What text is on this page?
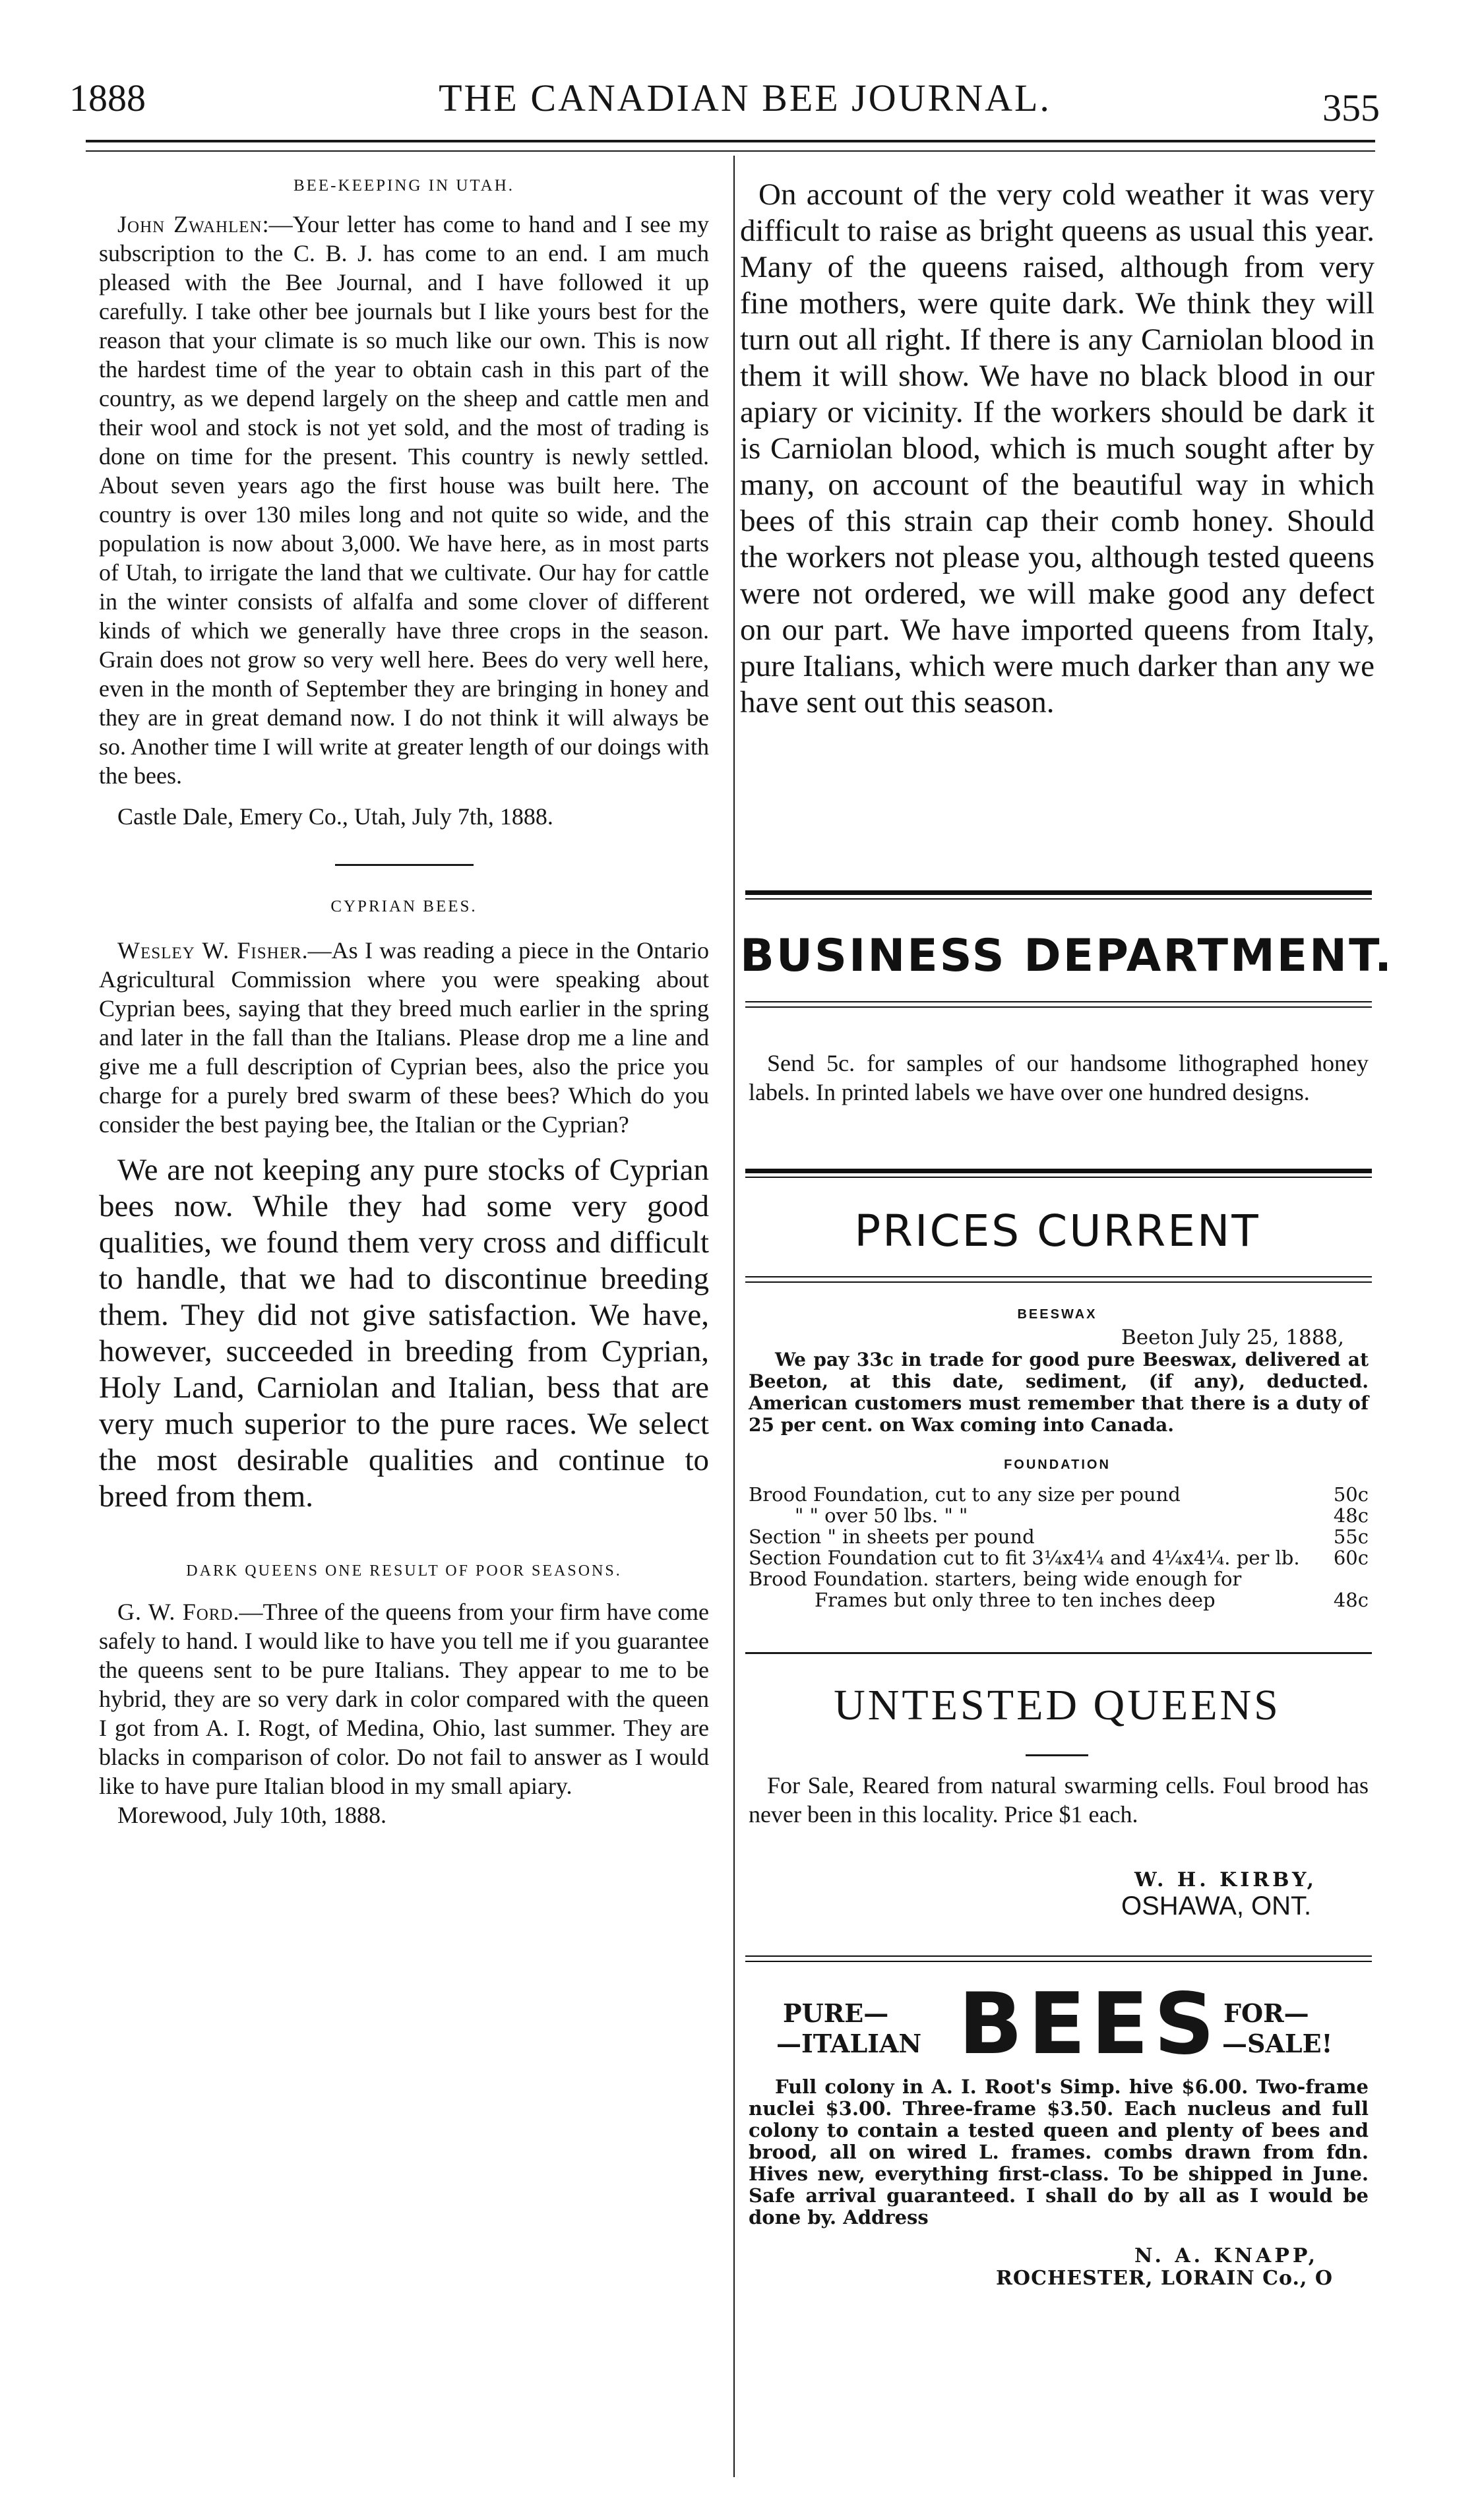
1888	THE CANADIAN BEE JOURNAL.	355
BEE-KEEPING IN UTAH.

John Zwahlen:—Your letter has come to hand and I see my subscription to the C. B. J. has come to an end. I am much pleased with the Bee Journal, and I have followed it up carefully. I take other bee journals but I like yours best for the reason that your climate is so much like our own. This is now the hardest time of the year to obtain cash in this part of the country, as we depend largely on the sheep and cattle men and their wool and stock is not yet sold, and the most of trading is done on time for the present. This country is newly settled. About seven years ago the first house was built here. The country is over 130 miles long and not quite so wide, and the population is now about 3,000. We have here, as in most parts of Utah, to irrigate the land that we cultivate. Our hay for cattle in the winter consists of alfalfa and some clover of different kinds of which we generally have three crops in the season. Grain does not grow so very well here. Bees do very well here, even in the month of September they are bringing in honey and they are in great demand now. I do not think it will always be so. Another time I will write at greater length of our doings with the bees.

Castle Dale, Emery Co., Utah, July 7th, 1888.

CYPRIAN BEES.

Wesley W. Fisher.—As I was reading a piece in the Ontario Agricultural Commission where you were speaking about Cyprian bees, saying that they breed much earlier in the spring and later in the fall than the Italians. Please drop me a line and give me a full description of Cyprian bees, also the price you charge for a purely bred swarm of these bees? Which do you consider the best paying bee, the Italian or the Cyprian?

We are not keeping any pure stocks of Cyprian bees now. While they had some very good qualities, we found them very cross and difficult to handle, that we had to discontinue breeding them. They did not give satisfaction. We have, however, succeeded in breeding from Cyprian, Holy Land, Carniolan and Italian, bess that are very much superior to the pure races. We select the most desirable qualities and continue to breed from them.

DARK QUEENS ONE RESULT OF POOR SEASONS.

G. W. Ford.—Three of the queens from your firm have come safely to hand. I would like to have you tell me if you guarantee the queens sent to be pure Italians. They appear to me to be hybrid, they are so very dark in color compared with the queen I got from A. I. Rogt, of Medina, Ohio, last summer. They are blacks in comparison of color. Do not fail to answer as I would like to have pure Italian blood in my small apiary.

Morewood, July 10th, 1888.

On account of the very cold weather it was very difficult to raise as bright queens as usual this year. Many of the queens raised, although from very fine mothers, were quite dark. We think they will turn out all right. If there is any Carniolan blood in them it will show. We have no black blood in our apiary or vicinity. If the workers should be dark it is Carniolan blood, which is much sought after by many, on account of the beautiful way in which bees of this strain cap their comb honey. Should the workers not please you, although tested queens were not ordered, we will make good any defect on our part. We have imported queens from Italy, pure Italians, which were much darker than any we have sent out this season.

BUSINESS DEPARTMENT.

Send 5c. for samples of our handsome lithographed honey labels. In printed labels we have over one hundred designs.

PRICES CURRENT
BEESWAX
Beeton July 25, 1888,
We pay 33c in trade for good pure Beeswax, delivered at Beeton, at this date, sediment, (if any), deducted. American customers must remember that there is a duty of 25 per cent. on Wax coming into Canada.
FOUNDATION
Brood Foundation, cut to any size per pound	50c
" " over 50 lbs. " "	48c
Section " in sheets per pound	55c
Section Foundation cut to fit 3¼x4¼ and 4¼x4¼. per lb. 60c
Brood Foundation. starters, being wide enough for
Frames but only three to ten inches deep	48c
UNTESTED QUEENS

For Sale, Reared from natural swarming cells. Foul brood has never been in this locality. Price $1 each.

W. H. KIRBY,
OSHAWA, ONT.
PURE—
—ITALIAN BEES FOR—
—SALE!
Full colony in A. I. Root's Simp. hive $6.00. Two-frame nuclei $3.00. Three-frame $3.50. Each nucleus and full colony to contain a tested queen and plenty of bees and brood, all on wired L. frames. combs drawn from fdn. Hives new, everything first-class. To be shipped in June. Safe arrival guaranteed. I shall do by all as I would be done by. Address
N. A. KNAPP,
ROCHESTER, LORAIN Co., O
